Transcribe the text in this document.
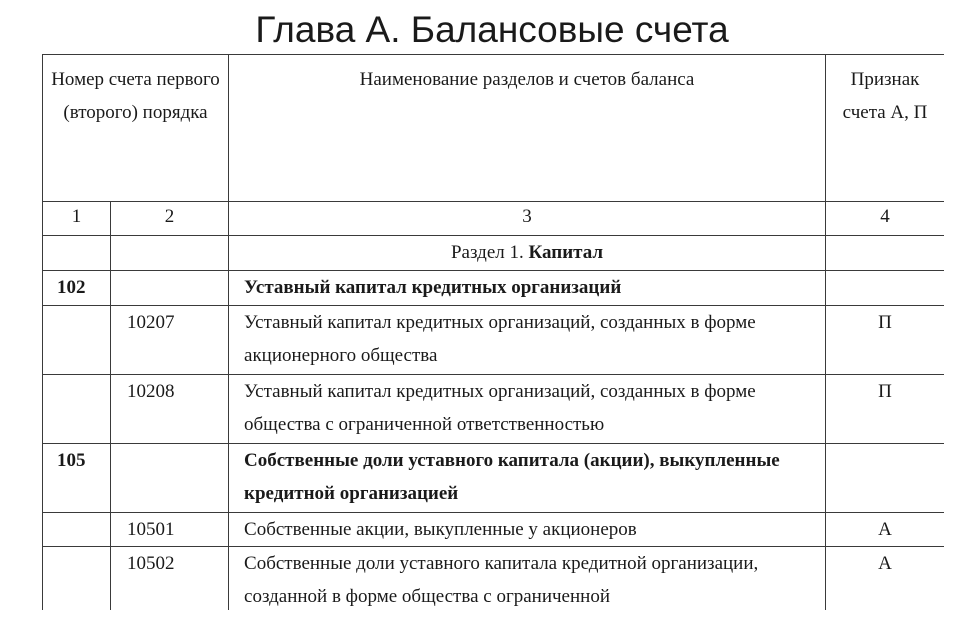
Глава А. Балансовые счета
Номер счета первого (второго) порядка		Наименование разделов и счетов баланса	Признак счета А, П
1	2	3	4
		Раздел 1. Капитал	
102		Уставный капитал кредитных организаций	
	10207	Уставный капитал кредитных организаций, созданных в форме акционерного общества	П
	10208	Уставный капитал кредитных организаций, созданных в форме общества с ограниченной ответственностью	П
105		Собственные доли уставного капитала (акции), выкупленные кредитной организацией	
	10501	Собственные акции, выкупленные у акционеров	А
	10502	Собственные доли уставного капитала кредитной организации, созданной в форме общества с ограниченной	А
